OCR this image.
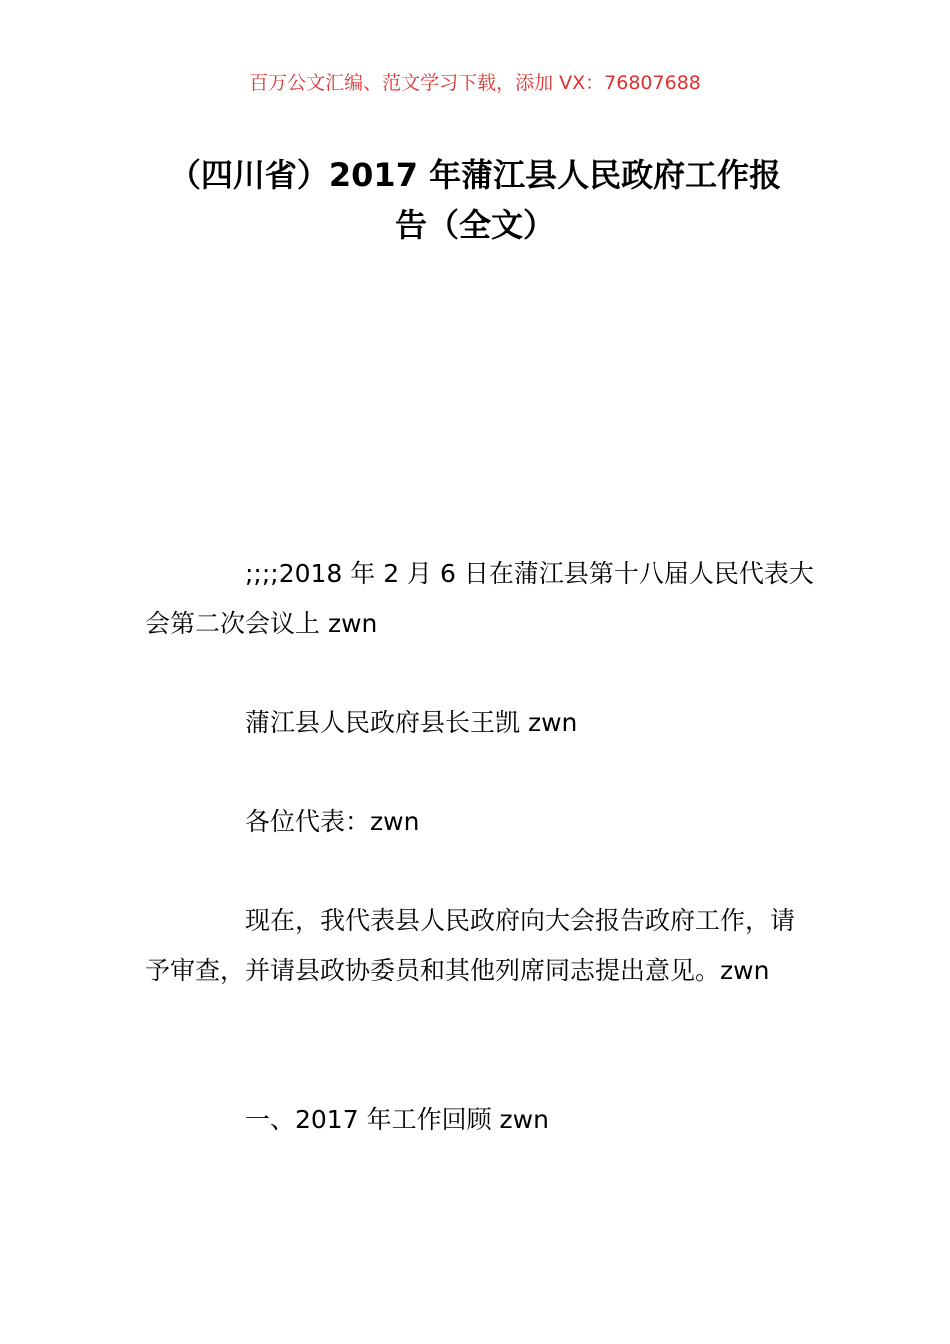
百万公文汇编、范文学习下载，添加 VX：76807688
（四川省）2017 年蒲江县人民政府工作报
告（全文）

;;;;2018 年 2 月 6 日在蒲江县第十八届人民代表大会第二次会议上 zwn

蒲江县人民政府县长王凯 zwn

各位代表：zwn

现在，我代表县人民政府向大会报告政府工作，请予审查，并请县政协委员和其他列席同志提出意见。zwn

一、2017 年工作回顾 zwn
